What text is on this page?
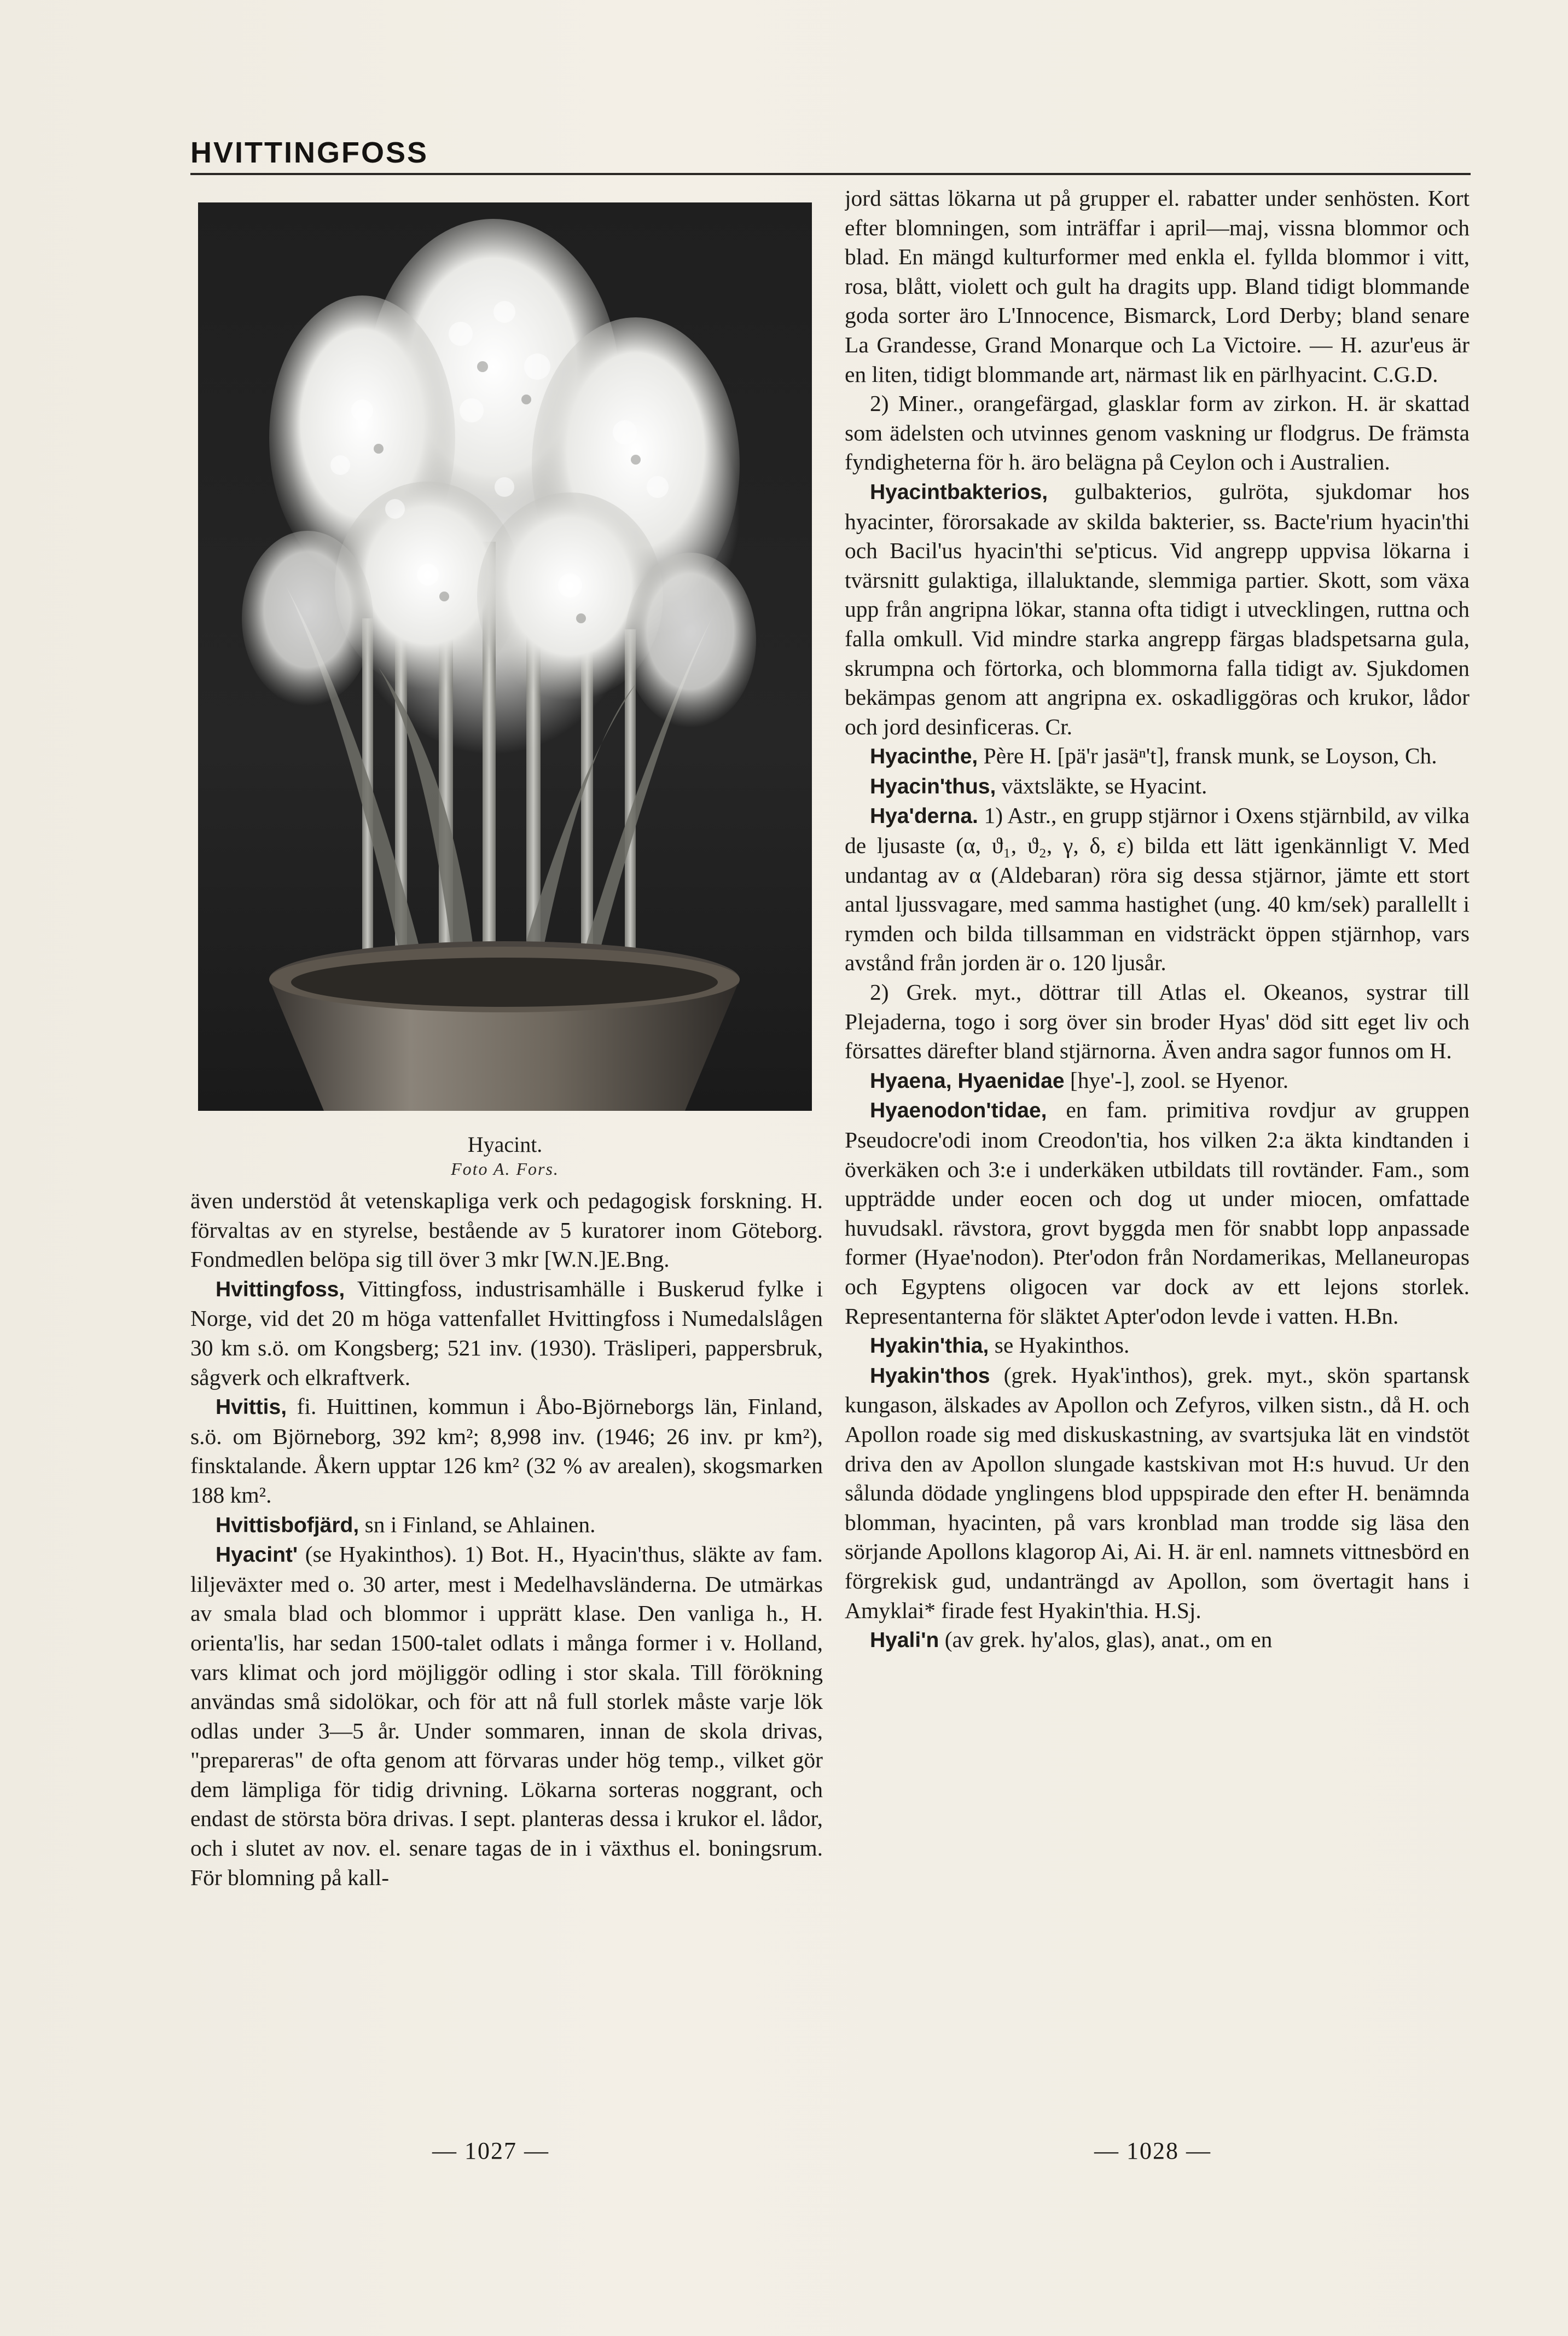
HVITTINGFOSS
Hyacint.
Foto A. Fors.

även understöd åt vetenskapliga verk och pedagogisk forskning. H. förvaltas av en styrelse, bestående av 5 kuratorer inom Göteborg. Fondmedlen belöpa sig till över 3 mkr [W.N.]E.Bng.

Hvittingfoss, Vittingfoss, industrisamhälle i Buskerud fylke i Norge, vid det 20 m höga vattenfallet Hvittingfoss i Numedalslågen 30 km s.ö. om Kongsberg; 521 inv. (1930). Träsliperi, pappersbruk, sågverk och elkraftverk.

Hvittis, fi. Huittinen, kommun i Åbo-Björneborgs län, Finland, s.ö. om Björneborg, 392 km²; 8,998 inv. (1946; 26 inv. pr km²), finsktalande. Åkern upptar 126 km² (32 % av arealen), skogsmarken 188 km².

Hvittisbofjärd, sn i Finland, se Ahlainen.

Hyacint' (se Hyakinthos). 1) Bot. H., Hyacin'thus, släkte av fam. liljeväxter med o. 30 arter, mest i Medelhavsländerna. De utmärkas av smala blad och blommor i upprätt klase. Den vanliga h., H. orienta'lis, har sedan 1500-talet odlats i många former i v. Holland, vars klimat och jord möjliggör odling i stor skala. Till förökning användas små sidolökar, och för att nå full storlek måste varje lök odlas under 3—5 år. Under sommaren, innan de skola drivas, "prepareras" de ofta genom att förvaras under hög temp., vilket gör dem lämpliga för tidig drivning. Lökarna sorteras noggrant, och endast de största böra drivas. I sept. planteras dessa i krukor el. lådor, och i slutet av nov. el. senare tagas de in i växthus el. boningsrum. För blomning på kall-

jord sättas lökarna ut på grupper el. rabatter under senhösten. Kort efter blomningen, som inträffar i april—maj, vissna blommor och blad. En mängd kulturformer med enkla el. fyllda blommor i vitt, rosa, blått, violett och gult ha dragits upp. Bland tidigt blommande goda sorter äro L'Innocence, Bismarck, Lord Derby; bland senare La Grandesse, Grand Monarque och La Victoire. — H. azur'eus är en liten, tidigt blommande art, närmast lik en pärlhyacint. C.G.D.

2) Miner., orangefärgad, glasklar form av zirkon. H. är skattad som ädelsten och utvinnes genom vaskning ur flodgrus. De främsta fyndigheterna för h. äro belägna på Ceylon och i Australien.

Hyacintbakterios, gulbakterios, gulröta, sjukdomar hos hyacinter, förorsakade av skilda bakterier, ss. Bacte'rium hyacin'thi och Bacil'us hyacin'thi se'pticus. Vid angrepp uppvisa lökarna i tvärsnitt gulaktiga, illaluktande, slemmiga partier. Skott, som växa upp från angripna lökar, stanna ofta tidigt i utvecklingen, ruttna och falla omkull. Vid mindre starka angrepp färgas bladspetsarna gula, skrumpna och förtorka, och blommorna falla tidigt av. Sjukdomen bekämpas genom att angripna ex. oskadliggöras och krukor, lådor och jord desinficeras. Cr.

Hyacinthe, Père H. [pä'r jasäⁿ't], fransk munk, se Loyson, Ch.

Hyacin'thus, växtsläkte, se Hyacint.

Hya'derna. 1) Astr., en grupp stjärnor i Oxens stjärnbild, av vilka de ljusaste (α, ϑ₁, ϑ₂, γ, δ, ε) bilda ett lätt igenkännligt V. Med undantag av α (Aldebaran) röra sig dessa stjärnor, jämte ett stort antal ljussvagare, med samma hastighet (ung. 40 km/sek) parallellt i rymden och bilda tillsamman en vidsträckt öppen stjärnhop, vars avstånd från jorden är o. 120 ljusår.

2) Grek. myt., döttrar till Atlas el. Okeanos, systrar till Plejaderna, togo i sorg över sin broder Hyas' död sitt eget liv och försattes därefter bland stjärnorna. Även andra sagor funnos om H.

Hyaena, Hyaenidae [hye'-], zool. se Hyenor.

Hyaenodon'tidae, en fam. primitiva rovdjur av gruppen Pseudocre'odi inom Creodon'tia, hos vilken 2:a äkta kindtanden i överkäken och 3:e i underkäken utbildats till rovtänder. Fam., som uppträdde under eocen och dog ut under miocen, omfattade huvudsakl. rävstora, grovt byggda men för snabbt lopp anpassade former (Hyae'nodon). Pter'odon från Nordamerikas, Mellaneuropas och Egyptens oligocen var dock av ett lejons storlek. Representanterna för släktet Apter'odon levde i vatten. H.Bn.

Hyakin'thia, se Hyakinthos.

Hyakin'thos (grek. Hyak'inthos), grek. myt., skön spartansk kungason, älskades av Apollon och Zefyros, vilken sistn., då H. och Apollon roade sig med diskuskastning, av svartsjuka lät en vindstöt driva den av Apollon slungade kastskivan mot H:s huvud. Ur den sålunda dödade ynglingens blod uppspirade den efter H. benämnda blomman, hyacinten, på vars kronblad man trodde sig läsa den sörjande Apollons klagorop Ai, Ai. H. är enl. namnets vittnesbörd en förgrekisk gud, undanträngd av Apollon, som övertagit hans i Amyklai* firade fest Hyakin'thia. H.Sj.

Hyali'n (av grek. hy'alos, glas), anat., om en

— 1027 —	— 1028 —
